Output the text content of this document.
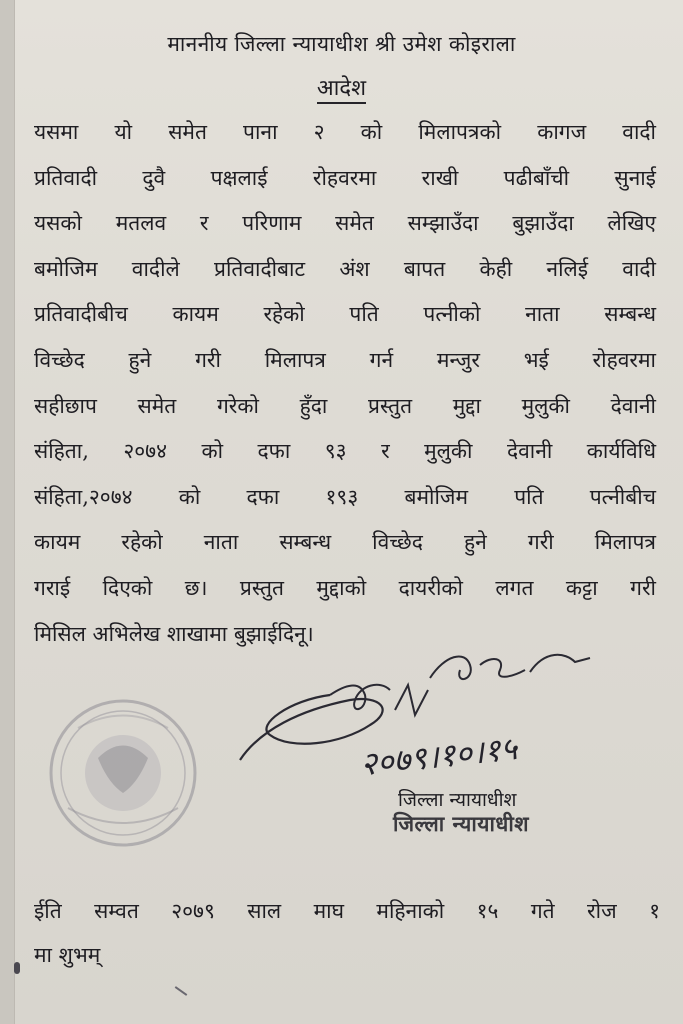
माननीय जिल्ला न्यायाधीश श्री उमेश कोइराला
आदेश
यसमा यो समेत पाना २ को मिलापत्रको कागज वादी
प्रतिवादी दुवै पक्षलाई रोहवरमा राखी पढीबाँची सुनाई
यसको मतलव र परिणाम समेत सम्झाउँदा बुझाउँदा लेखिए
बमोजिम वादीले प्रतिवादीबाट अंश बापत केही नलिई वादी
प्रतिवादीबीच कायम रहेको पति पत्नीको नाता सम्बन्ध
विच्छेद हुने गरी मिलापत्र गर्न मन्जुर भई रोहवरमा
सहीछाप समेत गरेको हुँदा प्रस्तुत मुद्दा मुलुकी देवानी
संहिता, २०७४ को दफा ९३ र मुलुकी देवानी कार्यविधि
संहिता,२०७४ को दफा १९३ बमोजिम पति पत्नीबीच
कायम रहेको नाता सम्बन्ध विच्छेद हुने गरी मिलापत्र
गराई दिएको छ। प्रस्तुत मुद्दाको दायरीको लगत कट्टा गरी
मिसिल अभिलेख शाखामा बुझाईदिनू।
२०७९।१०।१५
जिल्ला न्यायाधीश
जिल्ला न्यायाधीश
ईति सम्वत २०७९ साल माघ महिनाको १५ गते रोज १
मा शुभम्
